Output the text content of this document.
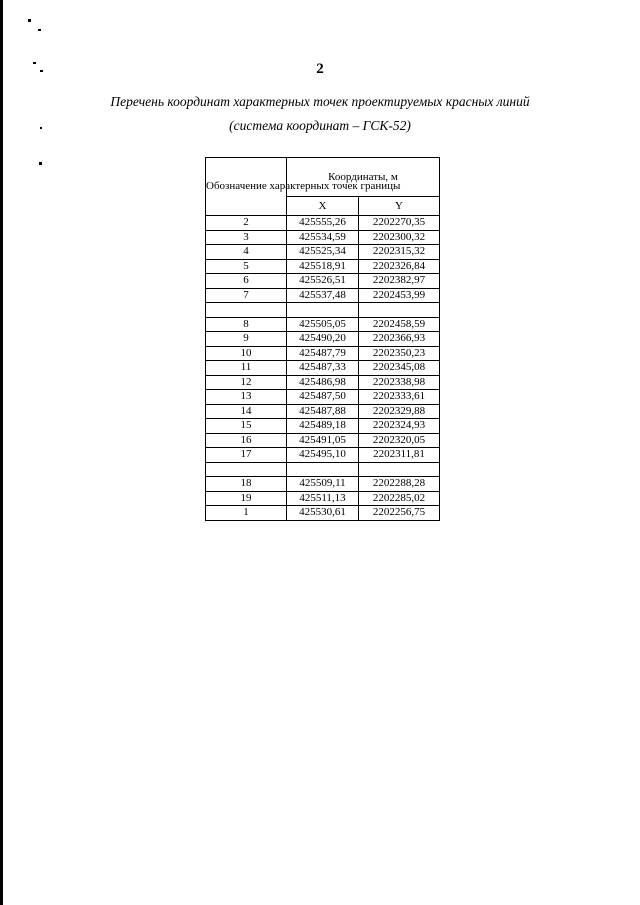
2
Перечень координат характерных точек проектируемых красных линий
(система координат – ГСК-52)
Обозначение характерных точек границы	Координаты, м	
	X	Y
2	425555,26	2202270,35
3	425534,59	2202300,32
4	425525,34	2202315,32
5	425518,91	2202326,84
6	425526,51	2202382,97
7	425537,48	2202453,99

8	425505,05	2202458,59
9	425490,20	2202366,93
10	425487,79	2202350,23
11	425487,33	2202345,08
12	425486,98	2202338,98
13	425487,50	2202333,61
14	425487,88	2202329,88
15	425489,18	2202324,93
16	425491,05	2202320,05
17	425495,10	2202311,81

18	425509,11	2202288,28
19	425511,13	2202285,02
1	425530,61	2202256,75
